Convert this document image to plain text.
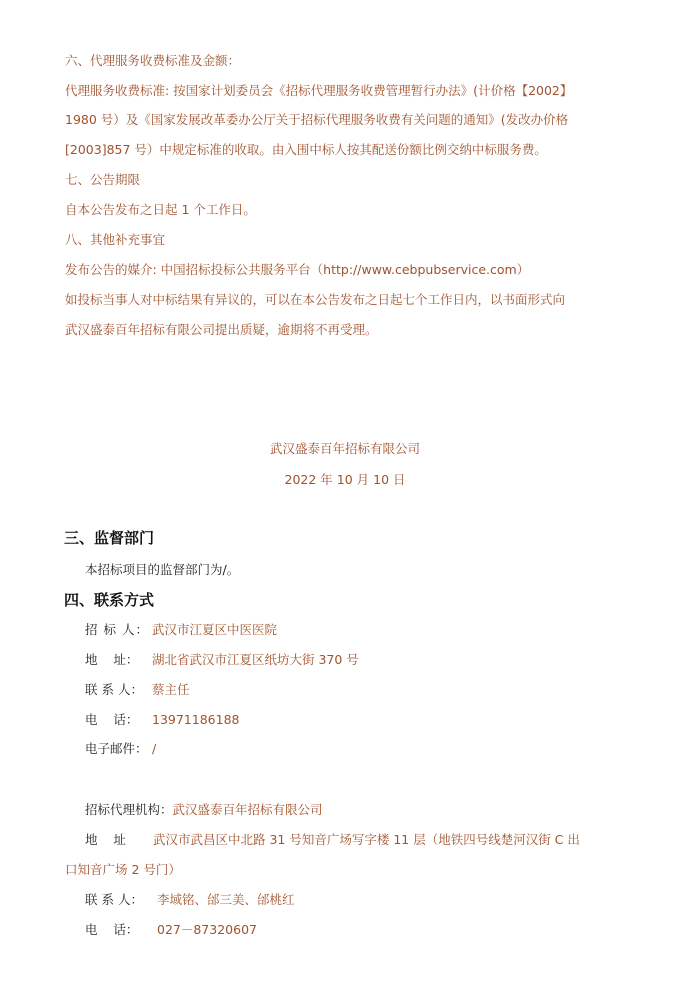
六、代理服务收费标准及金额：
代理服务收费标准: 按国家计划委员会《招标代理服务收费管理暂行办法》(计价格【2002】
1980 号）及《国家发展改革委办公厅关于招标代理服务收费有关问题的通知》(发改办价格
[2003]857 号）中规定标准的收取。由入围中标人按其配送份额比例交纳中标服务费。
七、公告期限
自本公告发布之日起 1 个工作日。
八、其他补充事宜
发布公告的媒介: 中国招标投标公共服务平台（http://www.cebpubservice.com）
如投标当事人对中标结果有异议的，可以在本公告发布之日起七个工作日内，以书面形式向
武汉盛泰百年招标有限公司提出质疑，逾期将不再受理。
武汉盛泰百年招标有限公司
2022 年 10 月 10 日
三、监督部门
本招标项目的监督部门为/。
四、联系方式
招 标 人： 武汉市江夏区中医医院
地    址： 湖北省武汉市江夏区纸坊大街 370 号
联 系 人： 蔡主任
电    话： 13971186188
电子邮件： /
招标代理机构：武汉盛泰百年招标有限公司
地    址 武汉市武昌区中北路 31 号知音广场写字楼 11 层（地铁四号线楚河汉街 C 出
口知音广场 2 号门）
联 系 人： 李域铭、邰三美、邰桃红
电    话： 027－87320607
